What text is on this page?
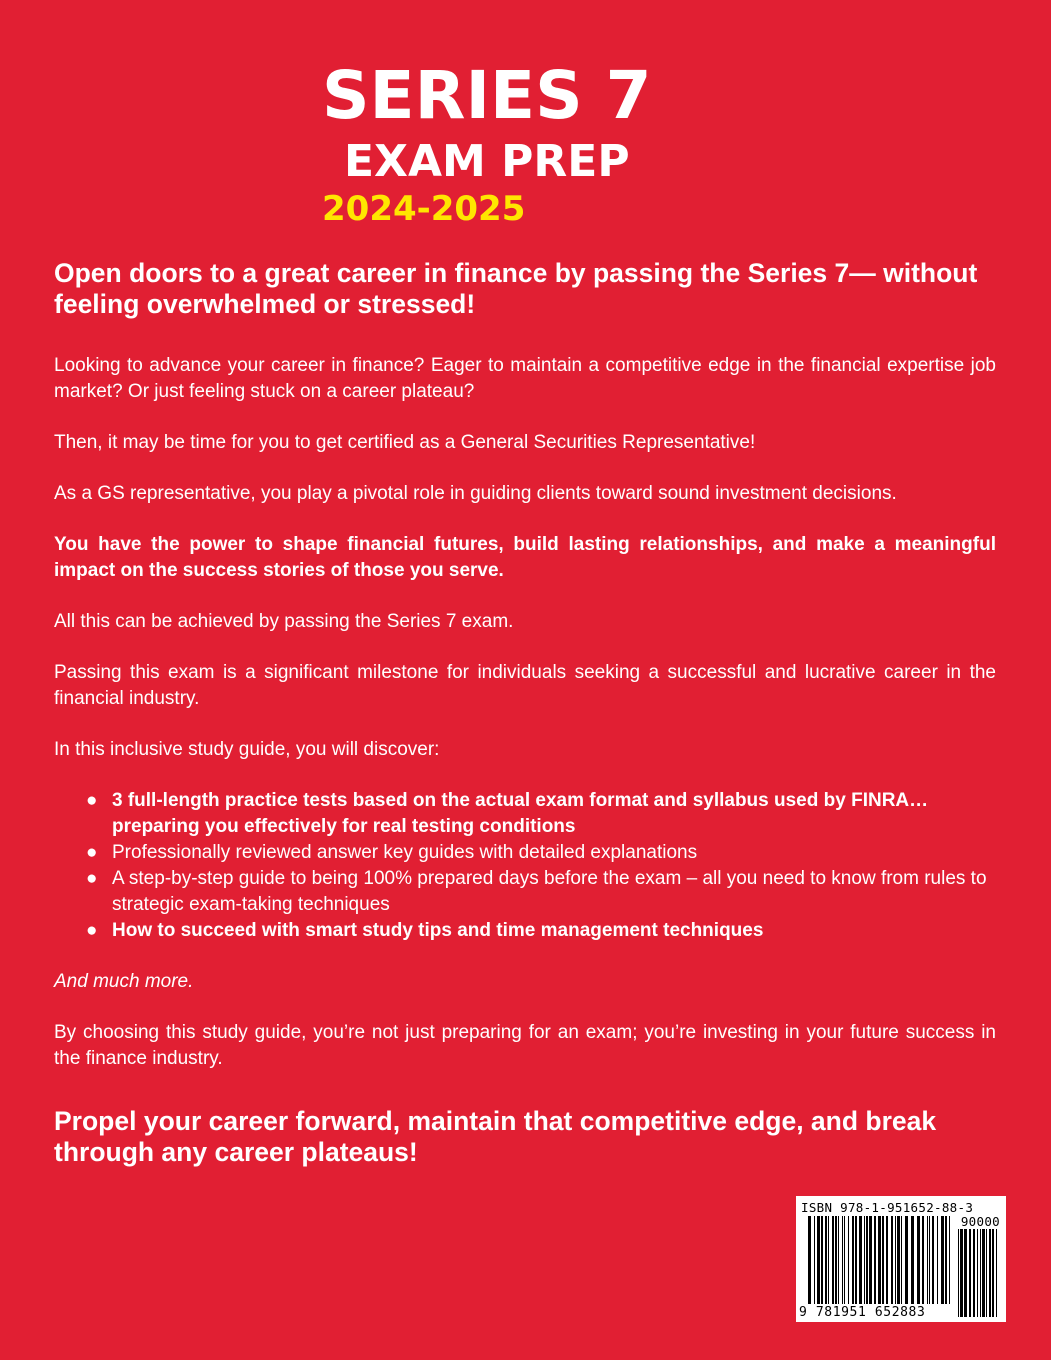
SERIES 7
EXAM PREP
2024-2025
Open doors to a great career in finance by passing the Series 7— without feeling overwhelmed or stressed!

Looking to advance your career in finance? Eager to maintain a competitive edge in the financial expertise job market? Or just feeling stuck on a career plateau?

Then, it may be time for you to get certified as a General Securities Representative!

As a GS representative, you play a pivotal role in guiding clients toward sound investment decisions.

You have the power to shape financial futures, build lasting relationships, and make a meaningful impact on the success stories of those you serve.

All this can be achieved by passing the Series 7 exam.

Passing this exam is a significant milestone for individuals seeking a successful and lucrative career in the financial industry.

In this inclusive study guide, you will discover:

● 3 full-length practice tests based on the actual exam format and syllabus used by FINRA… preparing you effectively for real testing conditions
● Professionally reviewed answer key guides with detailed explanations
● A step-by-step guide to being 100% prepared days before the exam – all you need to know from rules to strategic exam-taking techniques
● How to succeed with smart study tips and time management techniques

And much more.

By choosing this study guide, you’re not just preparing for an exam; you’re investing in your future success in the finance industry.

Propel your career forward, maintain that competitive edge, and break through any career plateaus!
ISBN 978-1-951652-88-3
90000
9 781951 652883
